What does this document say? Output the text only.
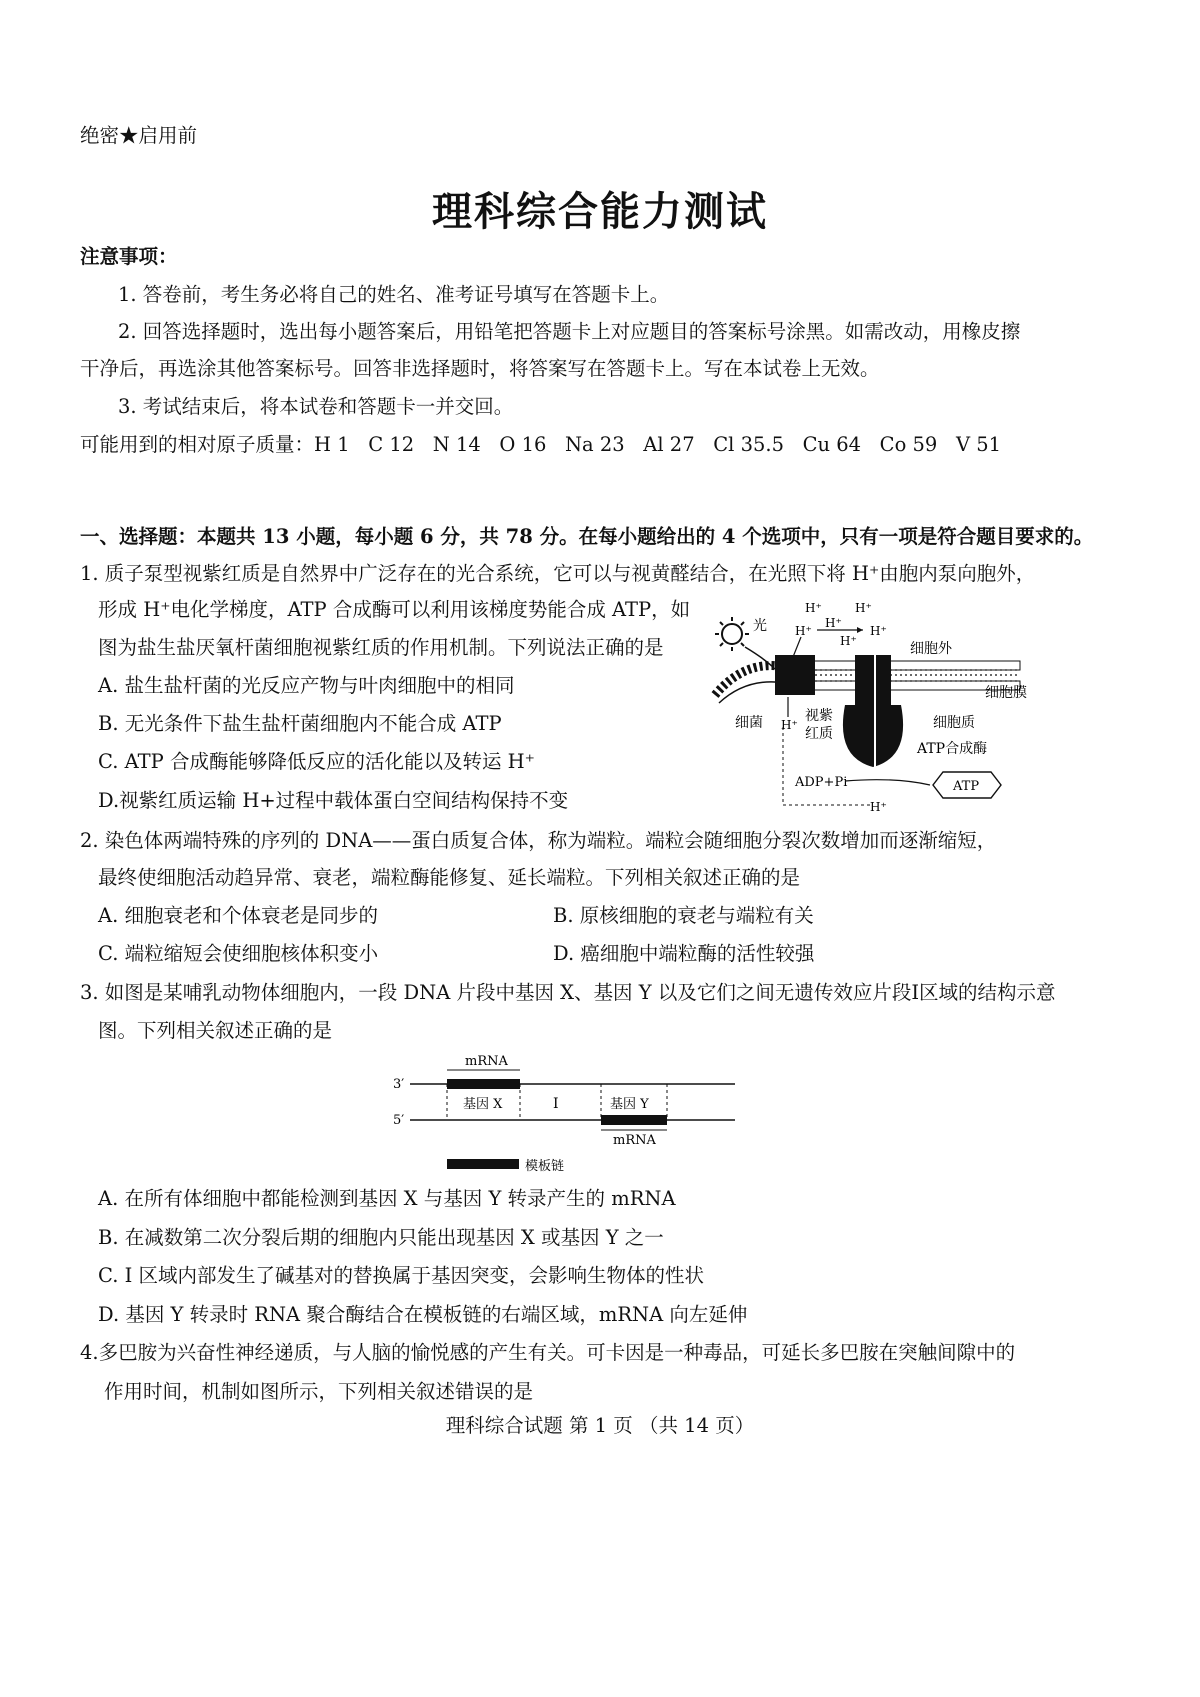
绝密★启用前
理科综合能力测试
注意事项：
1. 答卷前，考生务必将自己的姓名、准考证号填写在答题卡上。
2. 回答选择题时，选出每小题答案后，用铅笔把答题卡上对应题目的答案标号涂黑。如需改动，用橡皮擦
干净后，再选涂其他答案标号。回答非选择题时，将答案写在答题卡上。写在本试卷上无效。
3. 考试结束后，将本试卷和答题卡一并交回。
可能用到的相对原子质量：H 1   C 12   N 14   O 16   Na 23   Al 27   Cl 35.5   Cu 64   Co 59   V 51
一、选择题：本题共 13 小题，每小题 6 分，共 78 分。在每小题给出的 4 个选项中，只有一项是符合题目要求的。
1. 质子泵型视紫红质是自然界中广泛存在的光合系统，它可以与视黄醛结合，在光照下将 H⁺由胞内泵向胞外，
形成 H⁺电化学梯度，ATP 合成酶可以利用该梯度势能合成 ATP，如
图为盐生盐厌氧杆菌细胞视紫红质的作用机制。下列说法正确的是
A. 盐生盐杆菌的光反应产物与叶肉细胞中的相同
B. 无光条件下盐生盐杆菌细胞内不能合成 ATP
C. ATP 合成酶能够降低反应的活化能以及转运 H⁺
D.视紫红质运输 H+过程中载体蛋白空间结构保持不变
光
H⁺	H⁺
H⁺
H⁺
H⁺
H⁺
H⁺
H⁺
细胞外
细胞膜
细菌	视紫
红质
细胞质
ATP合成酶
ADP+Pi	ATP
2. 染色体两端特殊的序列的 DNA——蛋白质复合体，称为端粒。端粒会随细胞分裂次数增加而逐渐缩短，
最终使细胞活动趋异常、衰老，端粒酶能修复、延长端粒。下列相关叙述正确的是
A. 细胞衰老和个体衰老是同步的	B. 原核细胞的衰老与端粒有关
C. 端粒缩短会使细胞核体积变小	D. 癌细胞中端粒酶的活性较强
3. 如图是某哺乳动物体细胞内，一段 DNA 片段中基因 X、基因 Y 以及它们之间无遗传效应片段I区域的结构示意
图。下列相关叙述正确的是
mRNA
3′
5′
基因 X	I	基因 Y
mRNA
模板链
A. 在所有体细胞中都能检测到基因 X 与基因 Y 转录产生的 mRNA
B. 在减数第二次分裂后期的细胞内只能出现基因 X 或基因 Y 之一
C. I 区域内部发生了碱基对的替换属于基因突变，会影响生物体的性状
D. 基因 Y 转录时 RNA 聚合酶结合在模板链的右端区域，mRNA 向左延伸
4.多巴胺为兴奋性神经递质，与人脑的愉悦感的产生有关。可卡因是一种毒品，可延长多巴胺在突触间隙中的
作用时间，机制如图所示，下列相关叙述错误的是
理科综合试题 第 1 页 （共 14 页）
